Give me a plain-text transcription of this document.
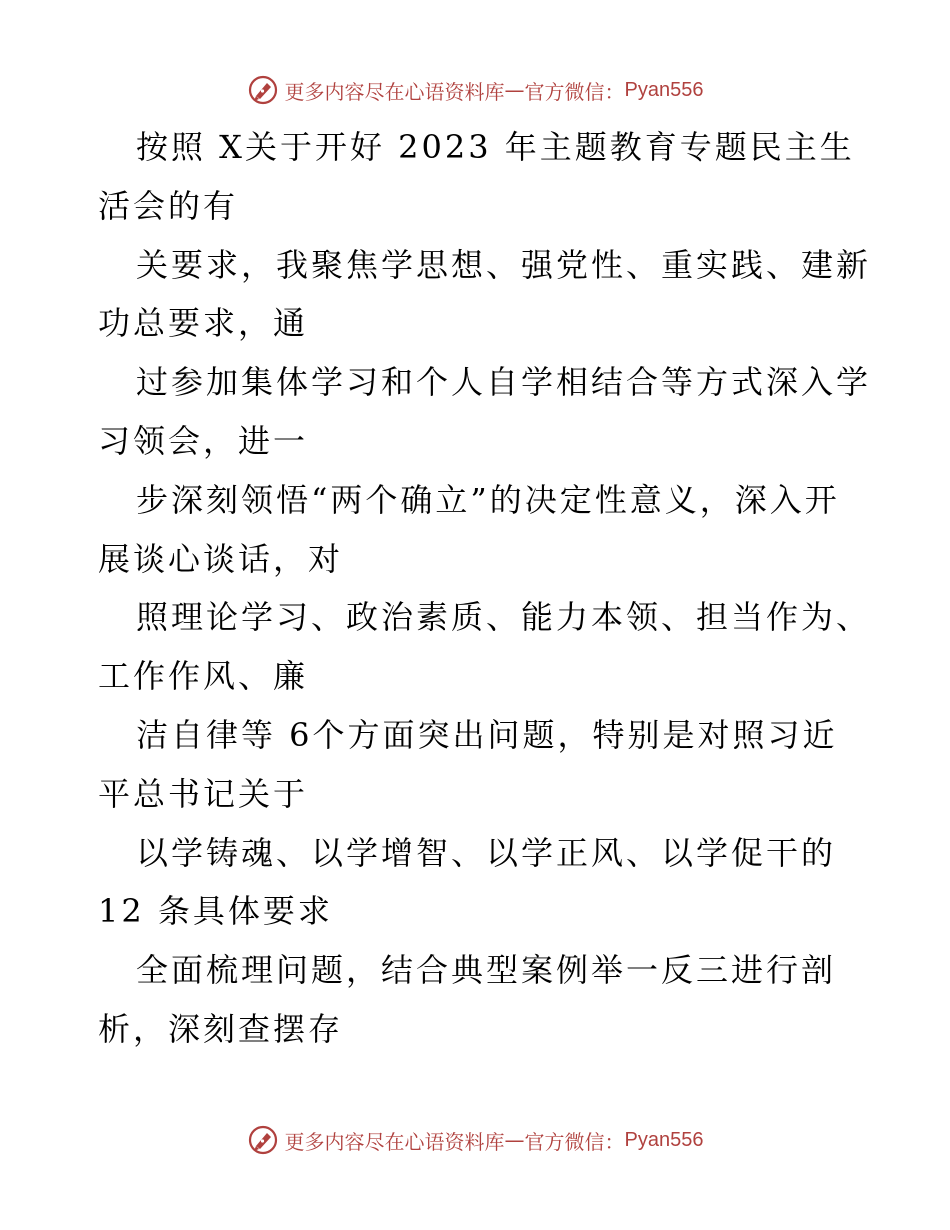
更多内容尽在心语资料库 — 官方微信： Pyan556
按照 X关于开好 2023 年主题教育专题民主生
活会的有
关要求，我聚焦学思想、强党性、重实践、建新
功总要求，通
过参加集体学习和个人自学相结合等方式深入学
习领会，进一
步深刻领悟“两个确立”的决定性意义，深入开
展谈心谈话，对
照理论学习、政治素质、能力本领、担当作为、
工作作风、廉
洁自律等 6个方面突出问题，特别是对照习近
平总书记关于
以学铸魂、以学增智、以学正风、以学促干的
12 条具体要求
全面梳理问题，结合典型案例举一反三进行剖
析，深刻查摆存
更多内容尽在心语资料库 — 官方微信： Pyan556
